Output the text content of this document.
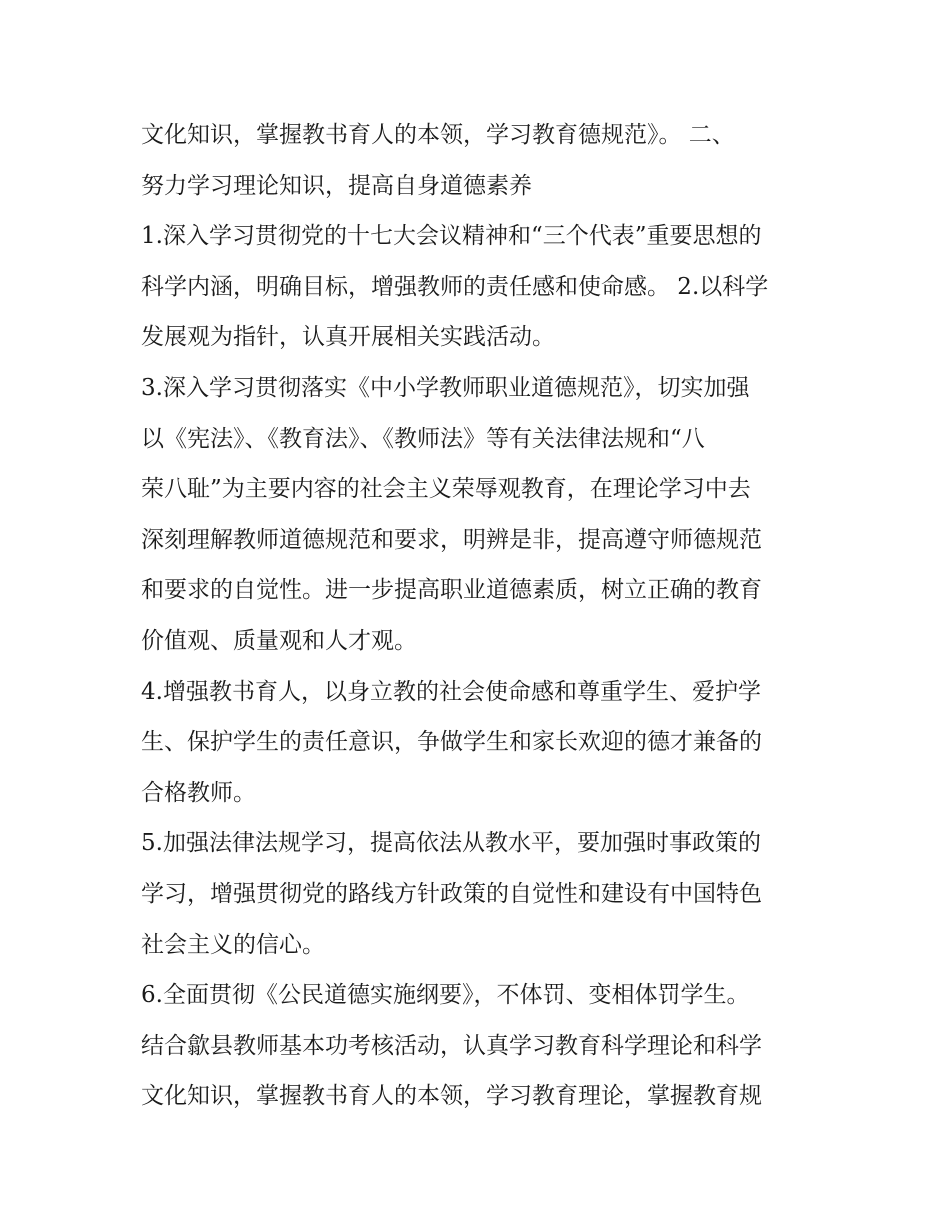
文化知识，掌握教书育人的本领，学习教育德规范》。 二、
努力学习理论知识，提高自身道德素养
1.深入学习贯彻党的十七大会议精神和“三个代表”重要思想的
科学内涵，明确目标，增强教师的责任感和使命感。 2.以科学
发展观为指针，认真开展相关实践活动。
3.深入学习贯彻落实《中小学教师职业道德规范》，切实加强
以《宪法》、《教育法》、《教师法》等有关法律法规和“八
荣八耻”为主要内容的社会主义荣辱观教育，在理论学习中去
深刻理解教师道德规范和要求，明辨是非，提高遵守师德规范
和要求的自觉性。进一步提高职业道德素质，树立正确的教育
价值观、质量观和人才观。
4.增强教书育人，以身立教的社会使命感和尊重学生、爱护学
生、保护学生的责任意识，争做学生和家长欢迎的德才兼备的
合格教师。
5.加强法律法规学习，提高依法从教水平，要加强时事政策的
学习，增强贯彻党的路线方针政策的自觉性和建设有中国特色
社会主义的信心。
6.全面贯彻《公民道德实施纲要》，不体罚、变相体罚学生。
结合歙县教师基本功考核活动，认真学习教育科学理论和科学
文化知识，掌握教书育人的本领，学习教育理论，掌握教育规
